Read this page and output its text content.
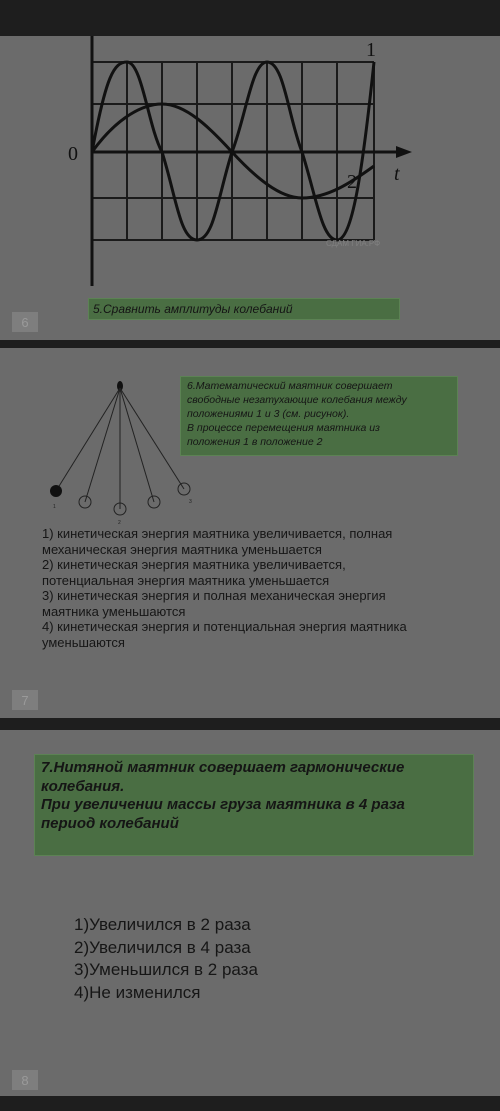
0
t
1
2
СДАМ ГИА.РФ
5.Сравнить амплитуды колебаний
6
1
2
3
6.Математический маятник совершает
свободные незатухающие колебания между
положениями 1 и 3 (см. рисунок).
В процессе перемещения маятника из
положения 1 в положение 2
1) кинетическая энергия маятника увеличивается, полная
механическая энергия маятника уменьшается
2) кинетическая энергия маятника увеличивается,
потенциальная энергия маятника уменьшается
3) кинетическая энергия и полная механическая энергия
маятника уменьшаются
4) кинетическая энергия и потенциальная энергия маятника
уменьшаются
7
7.Нитяной маятник совершает гармонические
колебания.
При увеличении массы груза маятника в 4 раза
период колебаний
1)Увеличился в 2 раза
2)Увеличился в 4 раза
3)Уменьшился в 2 раза
4)Не изменился
8
